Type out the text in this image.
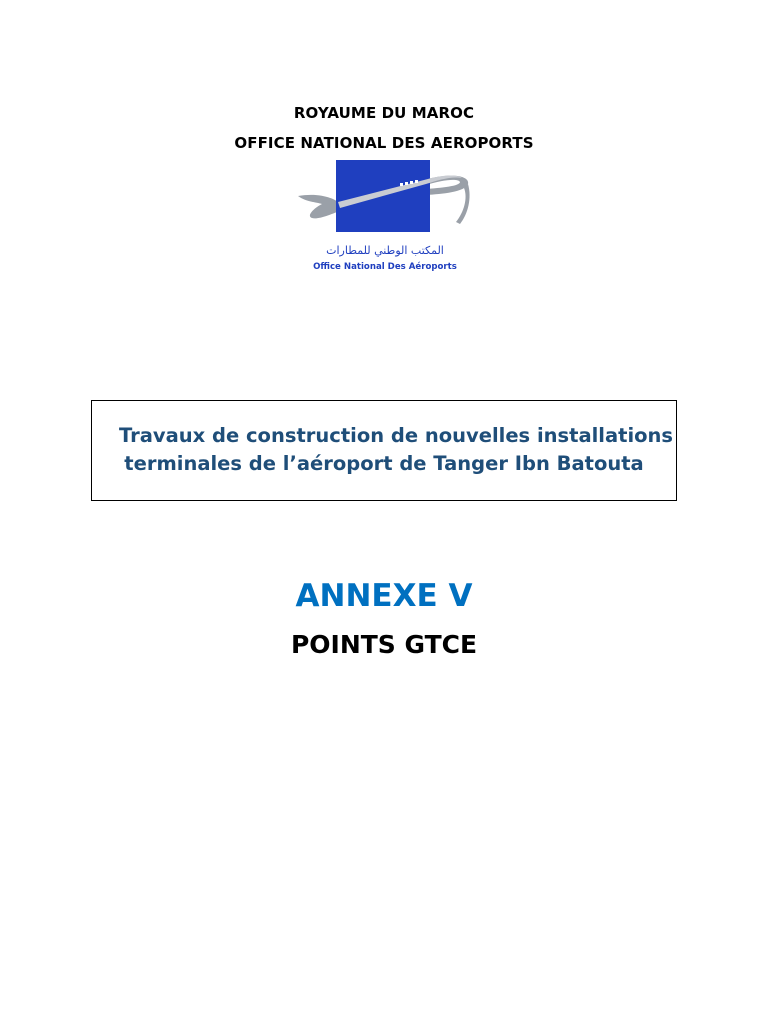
ROYAUME DU MAROC
OFFICE NATIONAL DES AEROPORTS
المكتب الوطني للمطارات
Office National Des Aéroports
Travaux de construction de nouvelles installations
terminales de l’aéroport de Tanger Ibn Batouta
ANNEXE V
POINTS GTCE
